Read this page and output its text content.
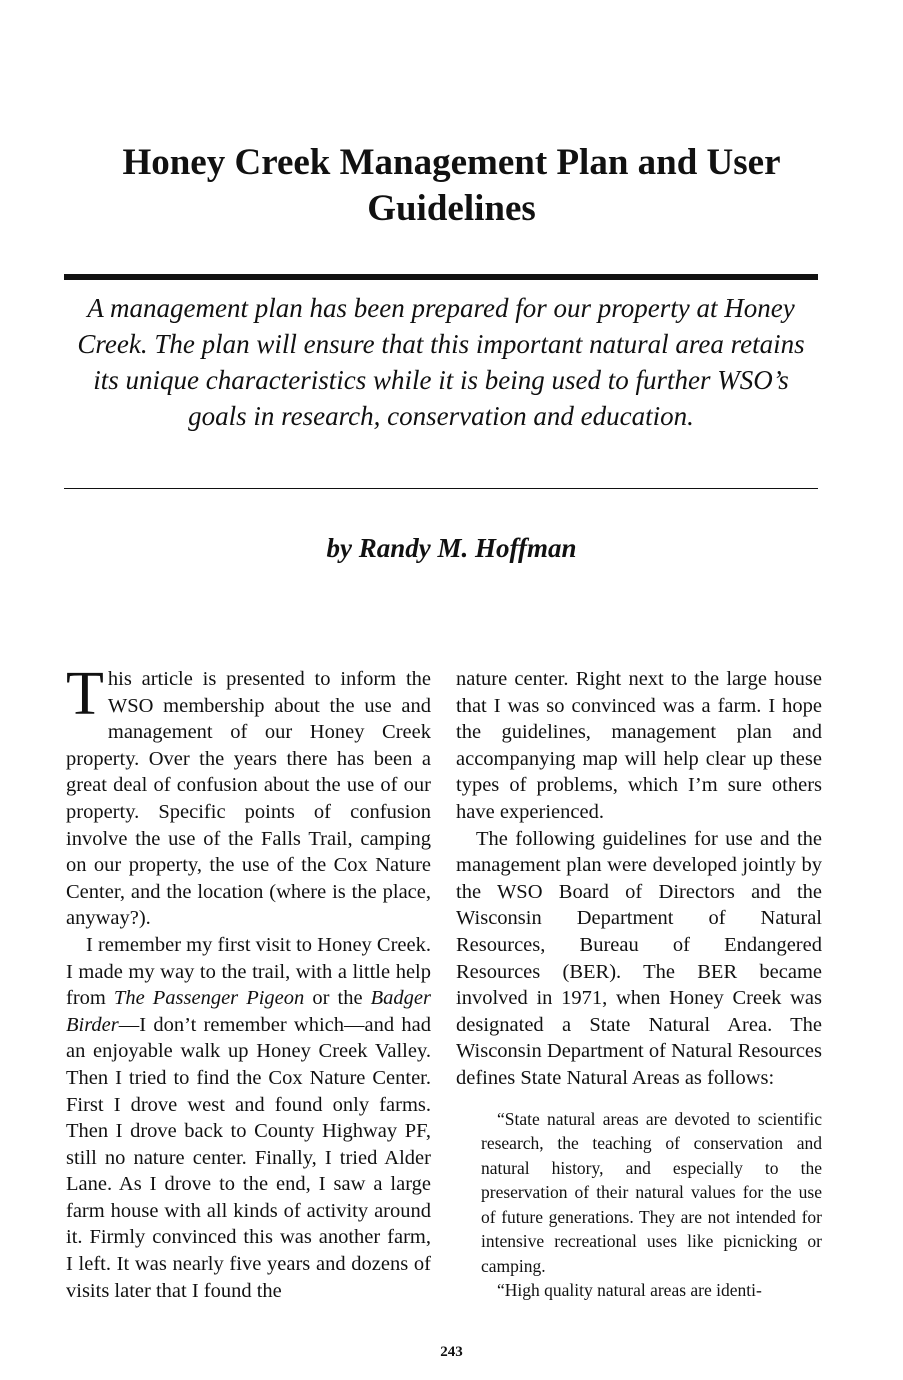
Honey Creek Management Plan and User Guidelines

A management plan has been prepared for our property at Honey Creek. The plan will ensure that this important natural area retains its unique characteristics while it is being used to further WSO’s goals in research, conservation and education.

by Randy M. Hoffman

This article is presented to inform the WSO membership about the use and management of our Honey Creek property. Over the years there has been a great deal of confusion about the use of our property. Specific points of confusion involve the use of the Falls Trail, camping on our property, the use of the Cox Nature Center, and the location (where is the place, anyway?).

I remember my first visit to Honey Creek. I made my way to the trail, with a little help from The Passenger Pigeon or the Badger Birder—I don’t remember which—and had an enjoyable walk up Honey Creek Valley. Then I tried to find the Cox Nature Center. First I drove west and found only farms. Then I drove back to County Highway PF, still no nature center. Finally, I tried Alder Lane. As I drove to the end, I saw a large farm house with all kinds of activity around it. Firmly convinced this was another farm, I left. It was nearly five years and dozens of visits later that I found the

nature center. Right next to the large house that I was so convinced was a farm. I hope the guidelines, management plan and accompanying map will help clear up these types of problems, which I’m sure others have experienced.

The following guidelines for use and the management plan were developed jointly by the WSO Board of Directors and the Wisconsin Department of Natural Resources, Bureau of Endangered Resources (BER). The BER became involved in 1971, when Honey Creek was designated a State Natural Area. The Wisconsin Department of Natural Resources defines State Natural Areas as follows:

“State natural areas are devoted to scientific research, the teaching of conservation and natural history, and especially to the preservation of their natural values for the use of future generations. They are not intended for intensive recreational uses like picnicking or camping.

“High quality natural areas are identi-

243
